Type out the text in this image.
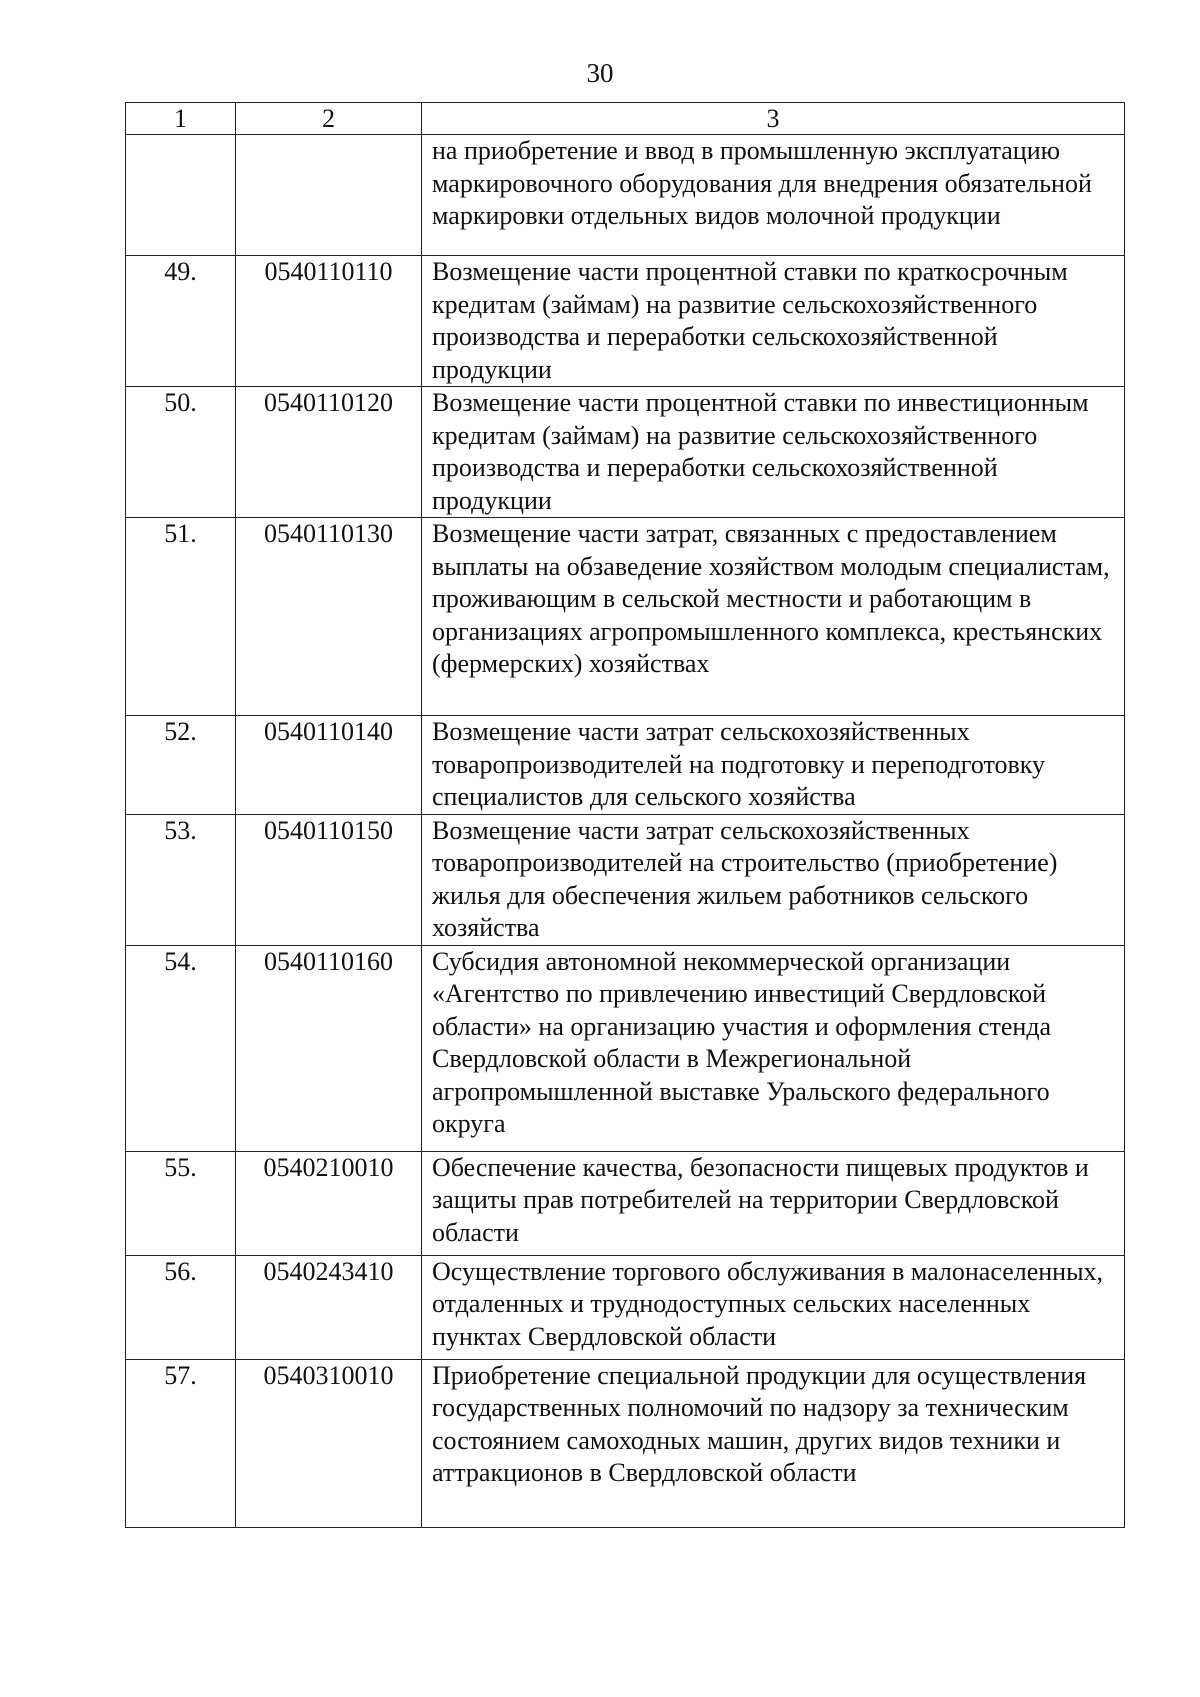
30
1	2	3
		на приобретение и ввод в промышленную эксплуатацию маркировочного оборудования для внедрения обязательной маркировки отдельных видов молочной продукции
49.	0540110110	Возмещение части процентной ставки по краткосрочным кредитам (займам) на развитие сельскохозяйственного производства и переработки сельскохозяйственной продукции
50.	0540110120	Возмещение части процентной ставки по инвестиционным кредитам (займам) на развитие сельскохозяйственного производства и переработки сельскохозяйственной продукции
51.	0540110130	Возмещение части затрат, связанных с предоставлением выплаты на обзаведение хозяйством молодым специалистам, проживающим в сельской местности и работающим в организациях агропромышленного комплекса, крестьянских (фермерских) хозяйствах
52.	0540110140	Возмещение части затрат сельскохозяйственных товаропроизводителей на подготовку и переподготовку специалистов для сельского хозяйства
53.	0540110150	Возмещение части затрат сельскохозяйственных товаропроизводителей на строительство (приобретение) жилья для обеспечения жильем работников сельского хозяйства
54.	0540110160	Субсидия автономной некоммерческой организации «Агентство по привлечению инвестиций Свердловской области» на организацию участия и оформления стенда Свердловской области в Межрегиональной агропромышленной выставке Уральского федерального округа
55.	0540210010	Обеспечение качества, безопасности пищевых продуктов и защиты прав потребителей на территории Свердловской области
56.	0540243410	Осуществление торгового обслуживания в малонаселенных, отдаленных и труднодоступных сельских населенных пунктах Свердловской области
57.	0540310010	Приобретение специальной продукции для осуществления государственных полномочий по надзору за техническим состоянием самоходных машин, других видов техники и аттракционов в Свердловской области
